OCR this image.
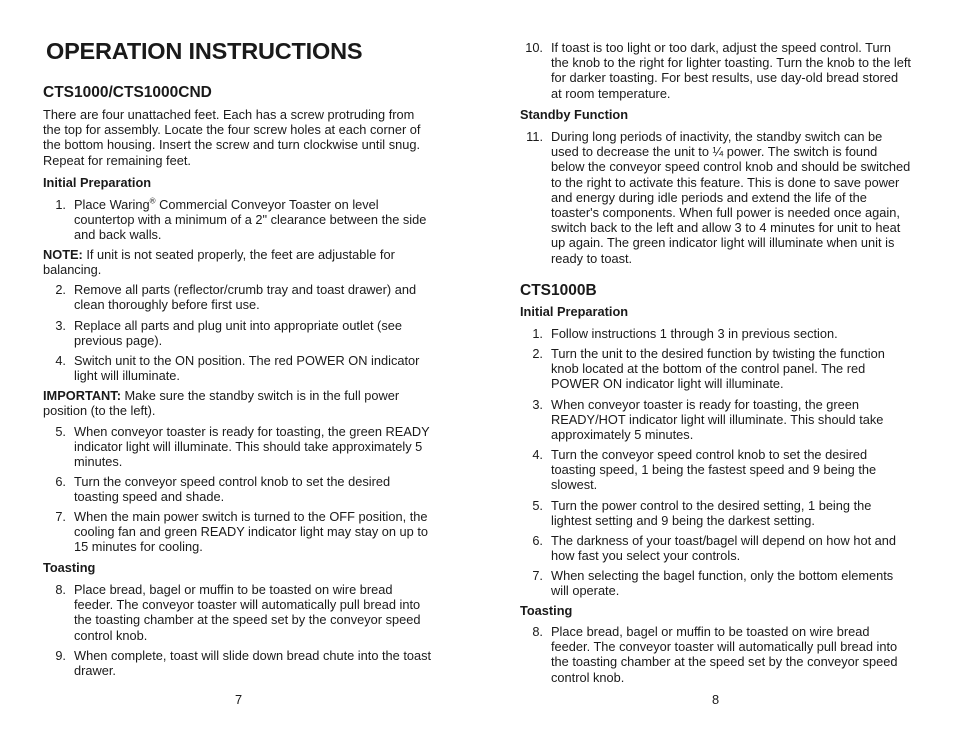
OPERATION INSTRUCTIONS
CTS1000/CTS1000CND

There are four unattached feet. Each has a screw protruding from the top for assembly. Locate the four screw holes at each corner of the bottom housing. Insert the screw and turn clockwise until snug. Repeat for remaining feet.

Initial Preparation
1. Place Waring® Commercial Conveyor Toaster on level countertop with a minimum of a 2" clearance between the side and back walls.

NOTE: If unit is not seated properly, the feet are adjustable for balancing.

2. Remove all parts (reflector/crumb tray and toast drawer) and clean thoroughly before first use.
3. Replace all parts and plug unit into appropriate outlet (see previous page).
4. Switch unit to the ON position. The red POWER ON indicator light will illuminate.

IMPORTANT: Make sure the standby switch is in the full power position (to the left).

5. When conveyor toaster is ready for toasting, the green READY indicator light will illuminate. This should take approximately 5 minutes.
6. Turn the conveyor speed control knob to set the desired toasting speed and shade.
7. When the main power switch is turned to the OFF position, the cooling fan and green READY indicator light may stay on up to 15 minutes for cooling.
Toasting
8. Place bread, bagel or muffin to be toasted on wire bread feeder. The conveyor toaster will automatically pull bread into the toasting chamber at the speed set by the conveyor speed control knob.
9. When complete, toast will slide down bread chute into the toast drawer.
7
10. If toast is too light or too dark, adjust the speed control. Turn the knob to the right for lighter toasting. Turn the knob to the left for darker toasting. For best results, use day-old bread stored at room temperature.
Standby Function
11. During long periods of inactivity, the standby switch can be used to decrease the unit to ¼ power. The switch is found below the conveyor speed control knob and should be switched to the right to activate this feature. This is done to save power and energy during idle periods and extend the life of the toaster's components. When full power is needed once again, switch back to the left and allow 3 to 4 minutes for unit to heat up again. The green indicator light will illuminate when unit is ready to toast.
CTS1000B
Initial Preparation
1. Follow instructions 1 through 3 in previous section.
2. Turn the unit to the desired function by twisting the function knob located at the bottom of the control panel. The red POWER ON indicator light will illuminate.
3. When conveyor toaster is ready for toasting, the green READY/HOT indicator light will illuminate. This should take approximately 5 minutes.
4. Turn the conveyor speed control knob to set the desired toasting speed, 1 being the fastest speed and 9 being the slowest.
5. Turn the power control to the desired setting, 1 being the lightest setting and 9 being the darkest setting.
6. The darkness of your toast/bagel will depend on how hot and how fast you select your controls.
7. When selecting the bagel function, only the bottom elements will operate.
Toasting
8. Place bread, bagel or muffin to be toasted on wire bread feeder. The conveyor toaster will automatically pull bread into the toasting chamber at the speed set by the conveyor speed control knob.
8
